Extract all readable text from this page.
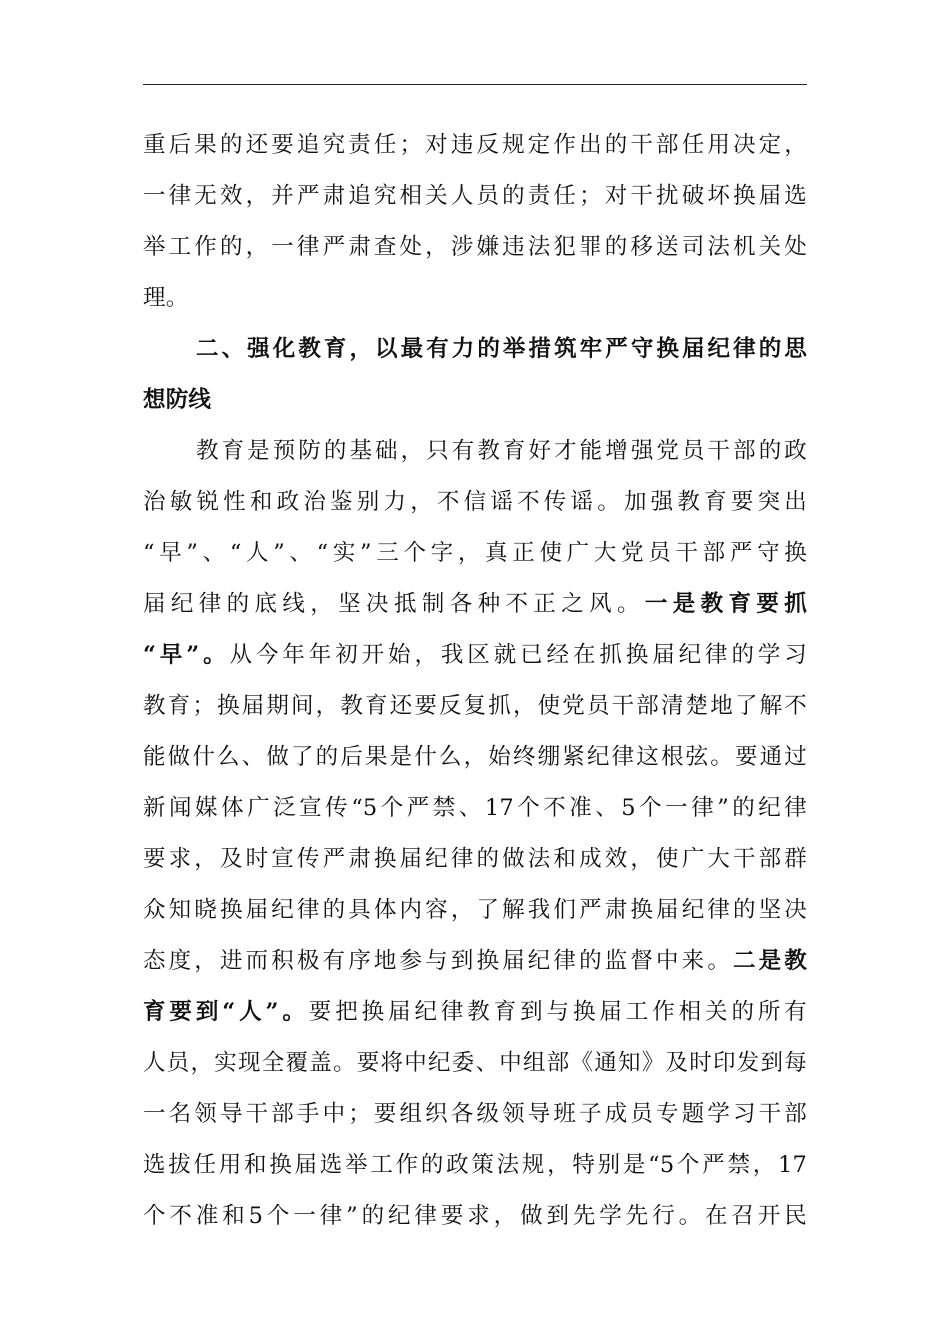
重后果的还要追究责任；对违反规定作出的干部任用决定，
一律无效，并严肃追究相关人员的责任；对干扰破坏换届选
举工作的，一律严肃查处，涉嫌违法犯罪的移送司法机关处
理。
二、强化教育，以最有力的举措筑牢严守换届纪律的思
想防线
教育是预防的基础，只有教育好才能增强党员干部的政
治敏锐性和政治鉴别力，不信谣不传谣。加强教育要突出
“早”、“人”、“实”三个字，真正使广大党员干部严守换
届纪律的底线，坚决抵制各种不正之风。一是教育要抓
“早”。从今年年初开始，我区就已经在抓换届纪律的学习
教育；换届期间，教育还要反复抓，使党员干部清楚地了解不
能做什么、做了的后果是什么，始终绷紧纪律这根弦。要通过
新闻媒体广泛宣传“5个严禁、17个不准、5个一律”的纪律
要求，及时宣传严肃换届纪律的做法和成效，使广大干部群
众知晓换届纪律的具体内容，了解我们严肃换届纪律的坚决
态度，进而积极有序地参与到换届纪律的监督中来。二是教
育要到“人”。要把换届纪律教育到与换届工作相关的所有
人员，实现全覆盖。要将中纪委、中组部《通知》及时印发到每
一名领导干部手中；要组织各级领导班子成员专题学习干部
选拔任用和换届选举工作的政策法规，特别是“5个严禁，17
个不准和5个一律”的纪律要求，做到先学先行。在召开民
